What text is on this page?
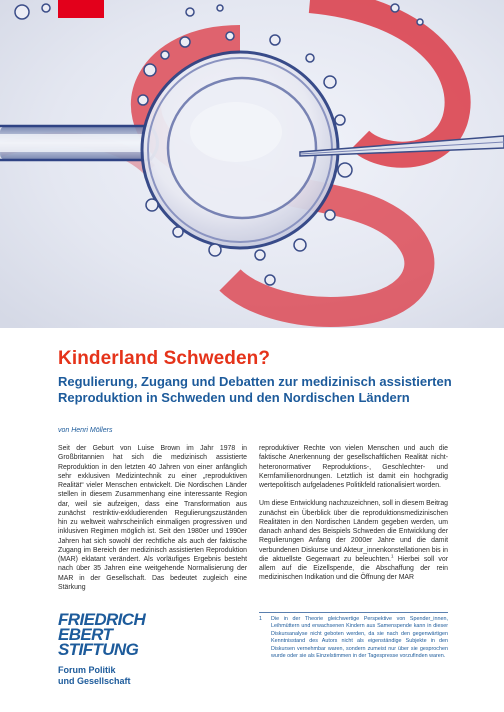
Kinderland Schweden?
Regulierung, Zugang und Debatten zur medizinisch assistierten Reproduktion in Schweden und den Nordischen Ländern
von Henri Möllers

Seit der Geburt von Luise Brown im Jahr 1978 in Großbritannien hat sich die medizinisch assistierte Reproduktion in den letzten 40 Jahren von einer anfänglich sehr exklusiven Medizintechnik zu einer „reproduktiven Realität“ vieler Menschen entwickelt. Die Nordischen Länder stellen in diesem Zusammenhang eine interessante Region dar, weil sie aufzeigen, dass eine Transformation aus zunächst restriktiv-exkludierenden Regulierungszuständen hin zu weltweit wahrscheinlich einmaligen progressiven und inklusiven Regimen möglich ist. Seit den 1980er und 1990er Jahren hat sich sowohl der rechtliche als auch der faktische Zugang im Bereich der medizinisch assistierten Reproduktion (MAR) eklatant verändert. Als vorläufiges Ergebnis besteht nach über 35 Jahren eine weitgehende Normalisierung der MAR in der Gesellschaft. Das bedeutet zugleich eine Stärkung

reproduktiver Rechte von vielen Menschen und auch die faktische Anerkennung der gesellschaftlichen Realität nicht-heteronormativer Reproduktions-, Geschlechter- und Kernfamilienordnungen. Letztlich ist damit ein hochgradig wertepolitisch aufgeladenes Politikfeld rationalisiert worden.

Um diese Entwicklung nachzuzeichnen, soll in diesem Beitrag zunächst ein Überblick über die reproduktionsmedizinischen Realitäten in den Nordischen Ländern gegeben werden, um danach anhand des Beispiels Schweden die Entwicklung der Regulierungen Anfang der 2000er Jahre und die damit verbundenen Diskurse und Akteur_innenkonstellationen bis in die aktuellste Gegenwart zu beleuchten.$^1$ Hierbei soll vor allem auf die Eizellspende, die Abschaffung der rein medizinischen Indikation und die Öffnung der MAR

1	Die in der Theorie gleichwertige Perspektive von Spender_innen, Leihmüttern und erwachsenen Kindern aus Samenspende kann in dieser Diskursanalyse nicht geboten werden, da sie nach den gegenwärtigen Kenntnisstand des Autors nicht als eigenständige Subjekte in den Diskursen vernehmbar waren, sondern zumeist nur über sie gesprochen wurde oder sie als Einzelstimmen in der Tagespresse vorzufinden waren.
FRIEDRICH
EBERT
STIFTUNG
Forum Politik
und Gesellschaft
